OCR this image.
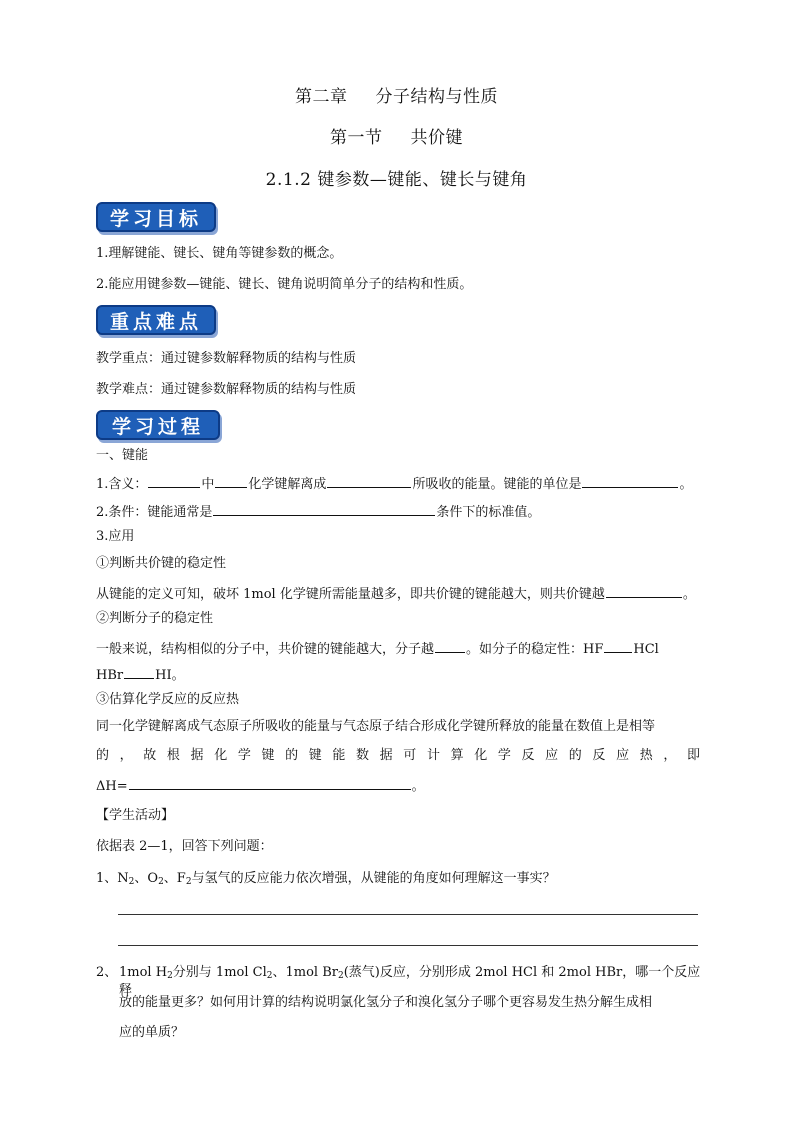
第二章 分子结构与性质
第一节 共价键
2.1.2 键参数—键能、键长与键角
学习目标
1.理解键能、键长、键角等键参数的概念。
2.能应用键参数—键能、键长、键角说明简单分子的结构和性质。
重点难点
教学重点：通过键参数解释物质的结构与性质
教学难点：通过键参数解释物质的结构与性质
学习过程
一、键能
1.含义：	中	化学键解离成	所吸收的能量。键能的单位是	。
2.条件：键能通常是	条件下的标准值。
3.应用
①判断共价键的稳定性
从键能的定义可知，破坏 1mol 化学键所需能量越多，即共价键的键能越大，则共价键越	。
②判断分子的稳定性
一般来说，结构相似的分子中，共价键的键能越大，分子越 。如分子的稳定性：HF HCl
HBr HI。
③估算化学反应的反应热
同一化学键解离成气态原子所吸收的能量与气态原子结合形成化学键所释放的能量在数值上是相等
的，故根据化学键的键能数据可计算化学反应的反应热，即
ΔH=	。
【学生活动】
依据表 2—1，回答下列问题：
1、$N_2$、$O_2$、$F_2$与氢气的反应能力依次增强，从键能的角度如何理解这一事实？
2、 1mol $H_2$分别与 1mol $Cl_2$、1mol $Br_2$(蒸气)反应，分别形成 2mol HCl 和 2mol HBr，哪一个反应释
放的能量更多？如何用计算的结构说明氯化氢分子和溴化氢分子哪个更容易发生热分解生成相
应的单质？
